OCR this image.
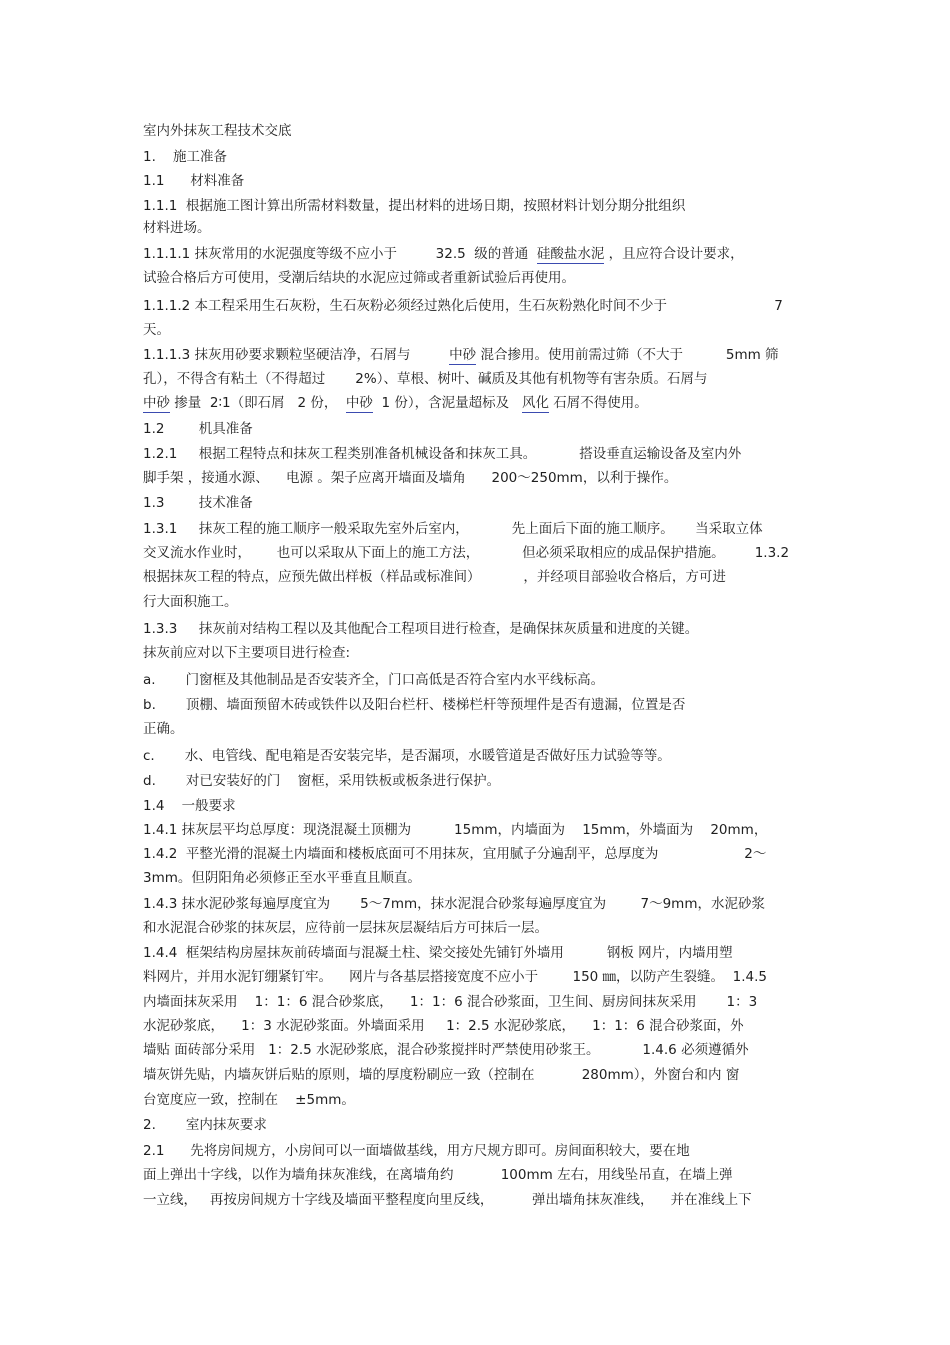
室内外抹灰工程技术交底
1.    施工准备
1.1      材料准备
1.1.1  根据施工图计算出所需材料数量，提出材料的进场日期，按照材料计划分期分批组织
材料进场。
1.1.1.1 抹灰常用的水泥强度等级不应小于         32.5  级的普通  硅酸盐水泥 ，且应符合设计要求，
试验合格后方可使用，受潮后结块的水泥应过筛或者重新试验后再使用。
1.1.1.2 本工程采用生石灰粉，生石灰粉必须经过熟化后使用，生石灰粉熟化时间不少于                         7
天。
1.1.1.3 抹灰用砂要求颗粒坚硬洁净，石屑与         中砂 混合掺用。使用前需过筛（不大于          5mm 筛
孔），不得含有粘土（不得超过       2%）、草根、树叶、碱质及其他有机物等有害杂质。石屑与
中砂 掺量  2∶1（即石屑   2 份，  中砂  1 份），含泥量超标及   风化 石屑不得使用。
1.2        机具准备
1.2.1     根据工程特点和抹灰工程类别准备机械设备和抹灰工具。          搭设垂直运输设备及室内外
脚手架 ，接通水源、    电源 。架子应离开墙面及墙角      200～250mm，以利于操作。
1.3        技术准备
1.3.1     抹灰工程的施工顺序一般采取先室外后室内，          先上面后下面的施工顺序。     当采取立体
交叉流水作业时，      也可以采取从下面上的施工方法，          但必须采取相应的成品保护措施。       1.3.2
根据抹灰工程的特点，应预先做出样板（样品或标准间）          ，并经项目部验收合格后，方可进
行大面积施工。
1.3.3     抹灰前对结构工程以及其他配合工程项目进行检查，是确保抹灰质量和进度的关键。
抹灰前应对以下主要项目进行检查:
a.       门窗框及其他制品是否安装齐全，门口高低是否符合室内水平线标高。
b.       顶棚、墙面预留木砖或铁件以及阳台栏杆、楼梯栏杆等预埋件是否有遗漏，位置是否
正确。
c.       水、电管线、配电箱是否安装完毕，是否漏项，水暖管道是否做好压力试验等等。
d.       对已安装好的门    窗框，采用铁板或板条进行保护。
1.4    一般要求
1.4.1 抹灰层平均总厚度：现浇混凝土顶棚为          15mm，内墙面为    15mm，外墙面为    20mm，
1.4.2  平整光滑的混凝土内墙面和楼板底面可不用抹灰，宜用腻子分遍刮平，总厚度为                    2～
3mm。但阴阳角必须修正至水平垂直且顺直。
1.4.3 抹水泥砂浆每遍厚度宜为       5～7mm，抹水泥混合砂浆每遍厚度宜为        7～9mm，水泥砂浆
和水泥混合砂浆的抹灰层，应待前一层抹灰层凝结后方可抹后一层。
1.4.4  框架结构房屋抹灰前砖墙面与混凝土柱、梁交接处先铺钉外墙用          钢板 网片，内墙用塑
料网片，并用水泥钉绷紧钉牢。    网片与各基层搭接宽度不应小于        150 ㎜，以防产生裂缝。  1.4.5
内墙面抹灰采用    1：1：6 混合砂浆底，    1：1：6 混合砂浆面，卫生间、厨房间抹灰采用       1：3
水泥砂浆底，    1：3 水泥砂浆面。外墙面采用     1：2.5 水泥砂浆底，    1：1：6 混合砂浆面，外
墙贴 面砖部分采用   1：2.5 水泥砂浆底，混合砂浆搅拌时严禁使用砂浆王。          1.4.6 必须遵循外
墙灰饼先贴，内墙灰饼后贴的原则，墙的厚度粉刷应一致（控制在           280mm），外窗台和内 窗
台宽度应一致，控制在    ±5mm。
2.       室内抹灰要求
2.1      先将房间规方，小房间可以一面墙做基线，用方尺规方即可。房间面积较大，要在地
面上弹出十字线，以作为墙角抹灰准线，在离墙角约           100mm 左右，用线坠吊直，在墙上弹
一立线，   再按房间规方十字线及墙面平整程度向里反线，         弹出墙角抹灰准线，    并在准线上下
